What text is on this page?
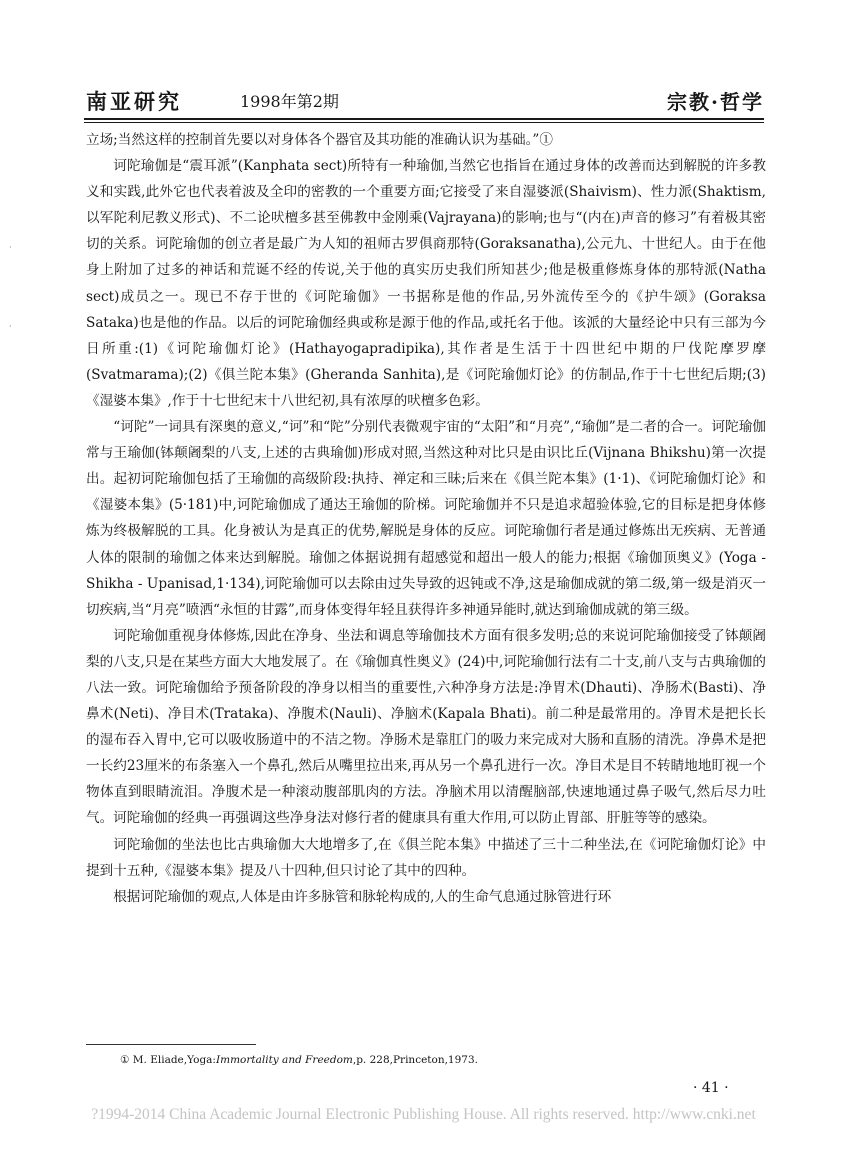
南亚研究	1998年第2期	宗教·哲学
·
·

立场;当然这样的控制首先要以对身体各个器官及其功能的准确认识为基础。”①

诃陀瑜伽是“震耳派”(Kanphata sect)所特有一种瑜伽,当然它也指旨在通过身体的改善而达到解脱的许多教义和实践,此外它也代表着波及全印的密教的一个重要方面;它接受了来自湿婆派(Shaivism)、性力派(Shaktism,以军陀利尼教义形式)、不二论吠檀多甚至佛教中金刚乘(Vajrayana)的影响;也与“(内在)声音的修习”有着极其密切的关系。诃陀瑜伽的创立者是最广为人知的祖师古罗俱商那特(Goraksanatha),公元九、十世纪人。由于在他身上附加了过多的神话和荒诞不经的传说,关于他的真实历史我们所知甚少;他是极重修炼身体的那特派(Natha sect)成员之一。现已不存于世的《诃陀瑜伽》一书据称是他的作品,另外流传至今的《护牛颂》(Goraksa Sataka)也是他的作品。以后的诃陀瑜伽经典或称是源于他的作品,或托名于他。该派的大量经论中只有三部为今日所重:(1)《诃陀瑜伽灯论》(Hathayogapradipika),其作者是生活于十四世纪中期的尸伐陀摩罗摩(Svatmarama);(2)《俱兰陀本集》(Gheranda Sanhita),是《诃陀瑜伽灯论》的仿制品,作于十七世纪后期;(3)《湿婆本集》,作于十七世纪末十八世纪初,具有浓厚的吠檀多色彩。

“诃陀”一词具有深奥的意义,“诃”和“陀”分别代表微观宇宙的“太阳”和“月亮”,“瑜伽”是二者的合一。诃陀瑜伽常与王瑜伽(钵颠阇梨的八支,上述的古典瑜伽)形成对照,当然这种对比只是由识比丘(Vijnana Bhikshu)第一次提出。起初诃陀瑜伽包括了王瑜伽的高级阶段:执持、禅定和三昧;后来在《俱兰陀本集》(1·1)、《诃陀瑜伽灯论》和《湿婆本集》(5·181)中,诃陀瑜伽成了通达王瑜伽的阶梯。诃陀瑜伽并不只是追求超验体验,它的目标是把身体修炼为终极解脱的工具。化身被认为是真正的优势,解脱是身体的反应。诃陀瑜伽行者是通过修炼出无疾病、无普通人体的限制的瑜伽之体来达到解脱。瑜伽之体据说拥有超感觉和超出一般人的能力;根据《瑜伽顶奥义》(Yoga - Shikha - Upanisad,1·134),诃陀瑜伽可以去除由过失导致的迟钝或不净,这是瑜伽成就的第二级,第一级是消灭一切疾病,当“月亮”喷洒“永恒的甘露”,而身体变得年轻且获得许多神通异能时,就达到瑜伽成就的第三级。

诃陀瑜伽重视身体修炼,因此在净身、坐法和调息等瑜伽技术方面有很多发明;总的来说诃陀瑜伽接受了钵颠阇梨的八支,只是在某些方面大大地发展了。在《瑜伽真性奥义》(24)中,诃陀瑜伽行法有二十支,前八支与古典瑜伽的八法一致。诃陀瑜伽给予预备阶段的净身以相当的重要性,六种净身方法是:净胃术(Dhauti)、净肠术(Basti)、净鼻术(Neti)、净目术(Trataka)、净腹术(Nauli)、净脑术(Kapala Bhati)。前二种是最常用的。净胃术是把长长的湿布吞入胃中,它可以吸收肠道中的不洁之物。净肠术是靠肛门的吸力来完成对大肠和直肠的清洗。净鼻术是把一长约23厘米的布条塞入一个鼻孔,然后从嘴里拉出来,再从另一个鼻孔进行一次。净目术是目不转睛地地盯视一个物体直到眼睛流泪。净腹术是一种滚动腹部肌肉的方法。净脑术用以清醒脑部,快速地通过鼻子吸气,然后尽力吐气。诃陀瑜伽的经典一再强调这些净身法对修行者的健康具有重大作用,可以防止胃部、肝脏等等的感染。

诃陀瑜伽的坐法也比古典瑜伽大大地增多了,在《俱兰陀本集》中描述了三十二种坐法,在《诃陀瑜伽灯论》中提到十五种,《湿婆本集》提及八十四种,但只讨论了其中的四种。

根据诃陀瑜伽的观点,人体是由许多脉管和脉轮构成的,人的生命气息通过脉管进行环

① M. Eliade,Yoga:Immortality and Freedom,p. 228,Princeton,1973.
· 41 ·
?1994-2014 China Academic Journal Electronic Publishing House. All rights reserved. http://www.cnki.net
